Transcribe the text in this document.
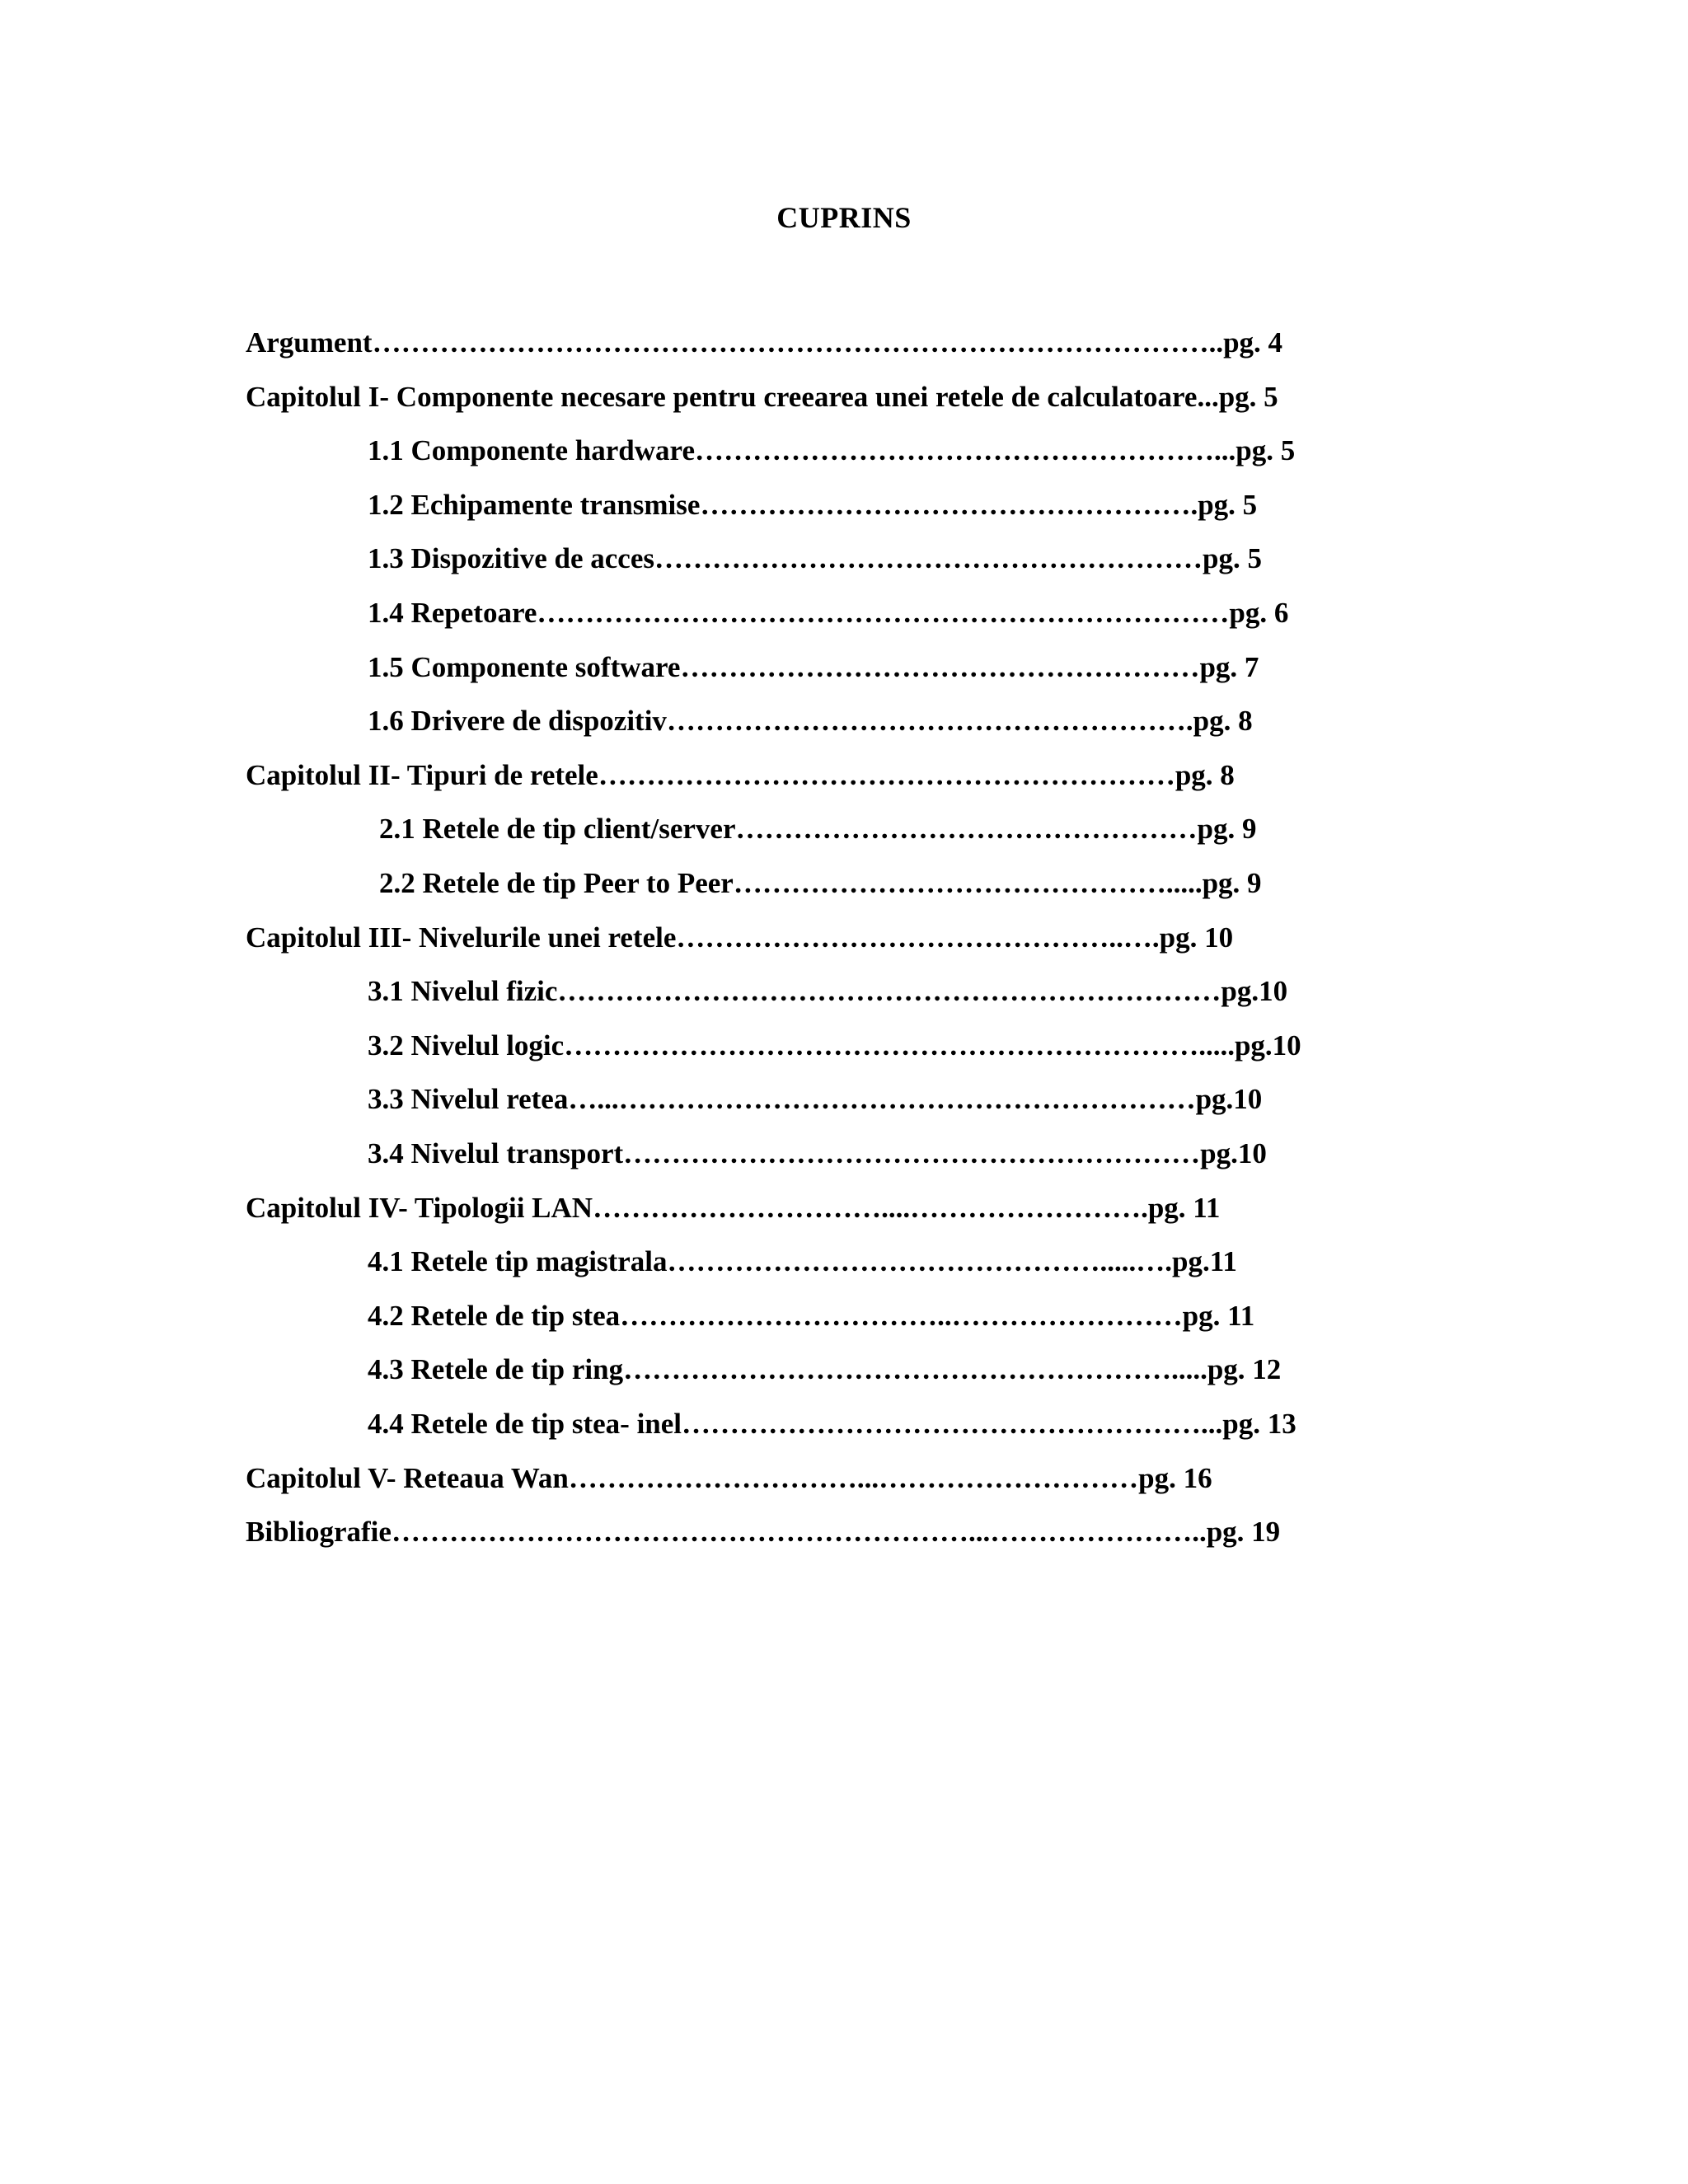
CUPRINS
Argument……………………………………………………………………………..pg. 4
Capitolul I- Componente necesare pentru creearea unei retele de calculatoare...pg. 5
1.1 Componente hardware………………………………………………...pg. 5
1.2 Echipamente transmise…………………………………………….pg. 5
1.3 Dispozitive de acces…………………………………………………pg. 5
1.4 Repetoare………………………………………………………………pg. 6
1.5 Componente software………………………………………………pg. 7
1.6 Drivere de dispozitiv……………………………………………….pg. 8
Capitolul II- Tipuri de retele……………………………………………………pg. 8
2.1 Retele de tip client/server…………………………………………pg. 9
2.2 Retele de tip Peer to Peer……………………………………….....pg. 9
Capitolul III- Nivelurile unei retele………………………………………..….pg. 10
3.1 Nivelul fizic……………………………………………………………pg.10
3.2 Nivelul logic………………………………………………………….....pg.10
3.3 Nivelul retea…...……………………………………………………pg.10
3.4 Nivelul transport……………………………………………………pg.10
Capitolul IV- Tipologii LAN…………………………....…………………….pg. 11
4.1 Retele tip magistrala……………………………………….....….pg.11
4.2 Retele de tip stea……………………………..……………………pg. 11
4.3 Retele de tip ring………………………………………………….....pg. 12
4.4 Retele de tip stea- inel………………………………………………...pg. 13
Capitolul V- Reteaua Wan…………………………...………………………pg. 16
Bibliografie……………………………………………………...…………………..pg. 19
